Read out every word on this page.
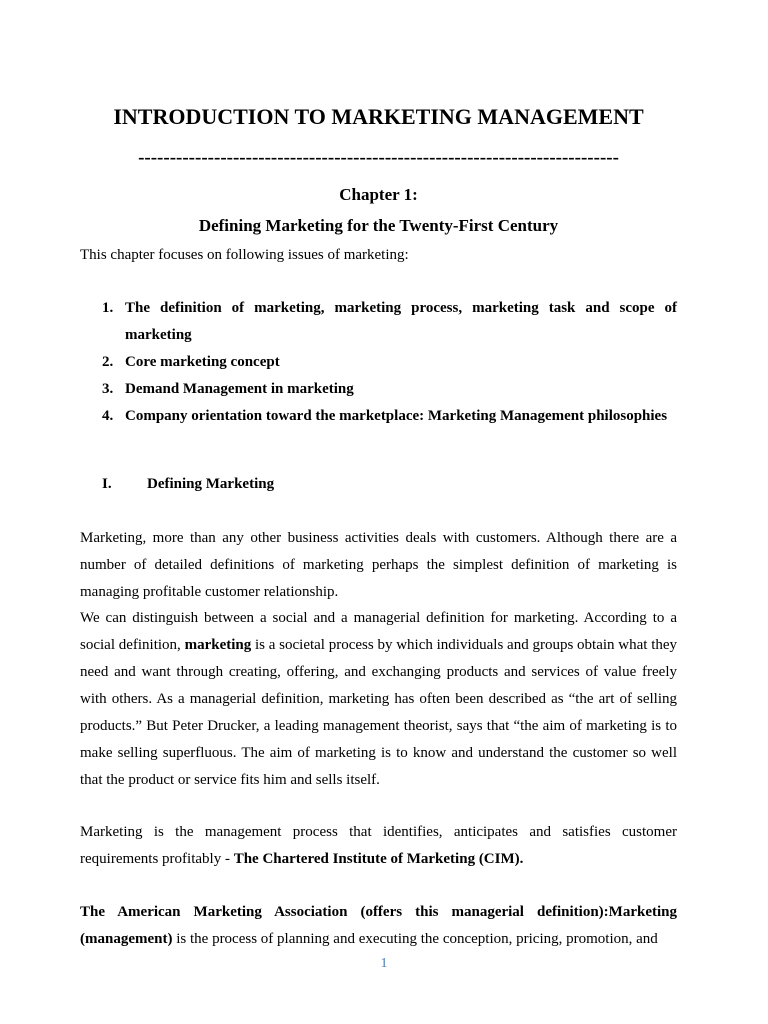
INTRODUCTION TO MARKETING MANAGEMENT
----------------------------------------------------------------------------
Chapter 1:
Defining Marketing for the Twenty-First Century
This chapter focuses on following issues of marketing:
1. The definition of marketing, marketing process, marketing task and scope of marketing
2. Core marketing concept
3. Demand Management in marketing
4. Company orientation toward the marketplace: Marketing Management philosophies
I. Defining Marketing

Marketing, more than any other business activities deals with customers. Although there are a number of detailed definitions of marketing perhaps the simplest definition of marketing is managing profitable customer relationship.

We can distinguish between a social and a managerial definition for marketing. According to a social definition, marketing is a societal process by which individuals and groups obtain what they need and want through creating, offering, and exchanging products and services of value freely with others. As a managerial definition, marketing has often been described as “the art of selling products.” But Peter Drucker, a leading management theorist, says that “the aim of marketing is to make selling superfluous. The aim of marketing is to know and understand the customer so well that the product or service fits him and sells itself.

Marketing is the management process that identifies, anticipates and satisfies customer requirements profitably - The Chartered Institute of Marketing (CIM).

The American Marketing Association (offers this managerial definition):Marketing (management) is the process of planning and executing the conception, pricing, promotion, and

1
